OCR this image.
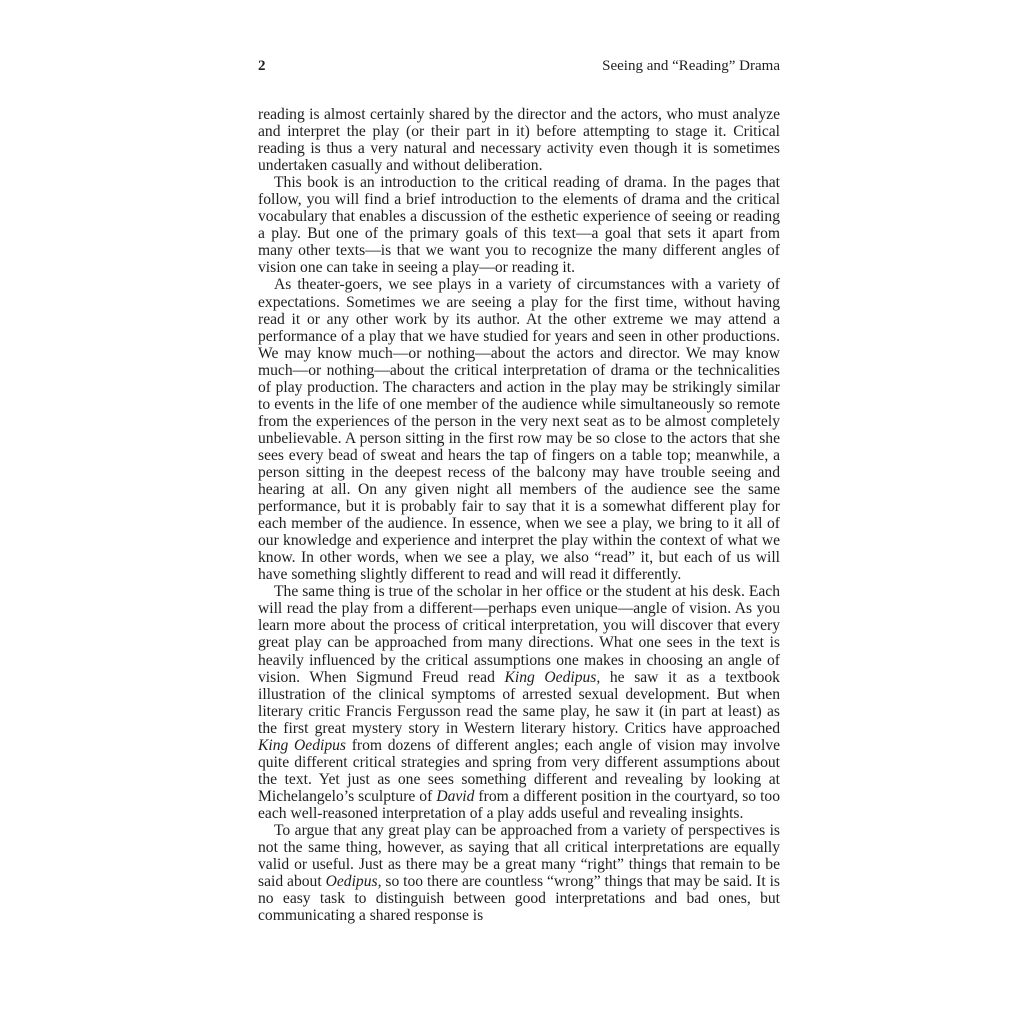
2	Seeing and “Reading” Drama

reading is almost certainly shared by the director and the actors, who must analyze and interpret the play (or their part in it) before attempting to stage it. Critical reading is thus a very natural and necessary activity even though it is sometimes undertaken casually and without deliberation.

This book is an introduction to the critical reading of drama. In the pages that follow, you will find a brief introduction to the elements of drama and the critical vocabulary that enables a discussion of the esthetic experience of seeing or reading a play. But one of the primary goals of this text—a goal that sets it apart from many other texts—is that we want you to recognize the many different angles of vision one can take in seeing a play—or reading it.

As theater-goers, we see plays in a variety of circumstances with a variety of expectations. Sometimes we are seeing a play for the first time, without having read it or any other work by its author. At the other extreme we may attend a performance of a play that we have studied for years and seen in other productions. We may know much—or nothing—about the actors and director. We may know much—or nothing—about the critical interpretation of drama or the technicalities of play production. The characters and action in the play may be strikingly similar to events in the life of one member of the audience while simultaneously so remote from the experiences of the person in the very next seat as to be almost completely unbelievable. A person sitting in the first row may be so close to the actors that she sees every bead of sweat and hears the tap of fingers on a table top; meanwhile, a person sitting in the deepest recess of the balcony may have trouble seeing and hearing at all. On any given night all members of the audience see the same performance, but it is probably fair to say that it is a somewhat different play for each member of the audience. In essence, when we see a play, we bring to it all of our knowledge and experience and interpret the play within the context of what we know. In other words, when we see a play, we also “read” it, but each of us will have something slightly different to read and will read it differently.

The same thing is true of the scholar in her office or the student at his desk. Each will read the play from a different—perhaps even unique—angle of vision. As you learn more about the process of critical interpretation, you will discover that every great play can be approached from many directions. What one sees in the text is heavily influenced by the critical assumptions one makes in choosing an angle of vision. When Sigmund Freud read King Oedipus, he saw it as a textbook illustration of the clinical symptoms of arrested sexual development. But when literary critic Francis Fergusson read the same play, he saw it (in part at least) as the first great mystery story in Western literary history. Critics have approached King Oedipus from dozens of different angles; each angle of vision may involve quite different critical strategies and spring from very different assumptions about the text. Yet just as one sees something different and revealing by looking at Michelangelo’s sculpture of David from a different position in the courtyard, so too each well-reasoned interpretation of a play adds useful and revealing insights.

To argue that any great play can be approached from a variety of perspectives is not the same thing, however, as saying that all critical interpretations are equally valid or useful. Just as there may be a great many “right” things that remain to be said about Oedipus, so too there are countless “wrong” things that may be said. It is no easy task to distinguish between good interpretations and bad ones, but communicating a shared response is
